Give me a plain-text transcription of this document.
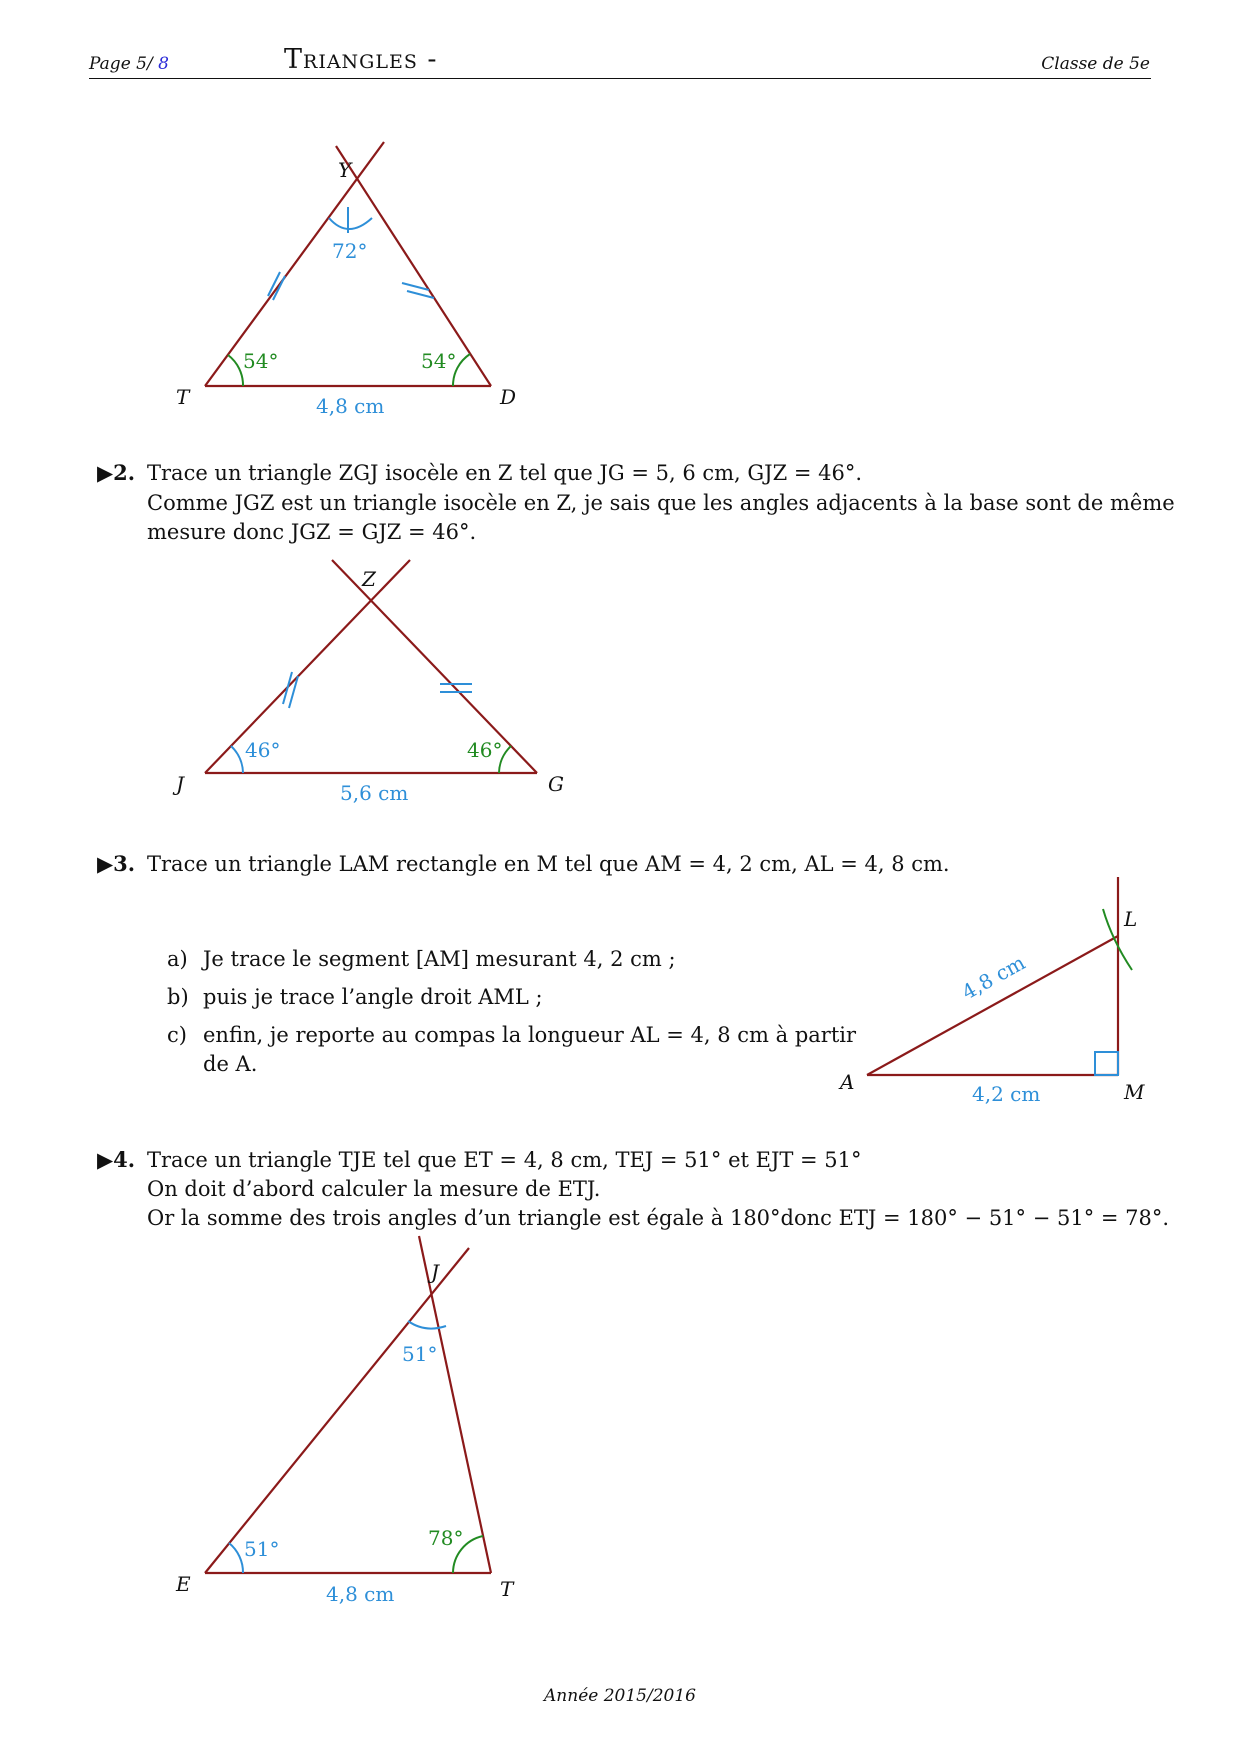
Page 5/ 8	Triangles -	Classe de 5e
▶2. Trace un triangle ZGJ isocèle en Z tel que JG = 5, 6 cm, GJZ = 46°.
Comme JGZ est un triangle isocèle en Z, je sais que les angles adjacents à la base sont de même
mesure donc JGZ = GJZ = 46°.
▶3. Trace un triangle LAM rectangle en M tel que AM = 4, 2 cm, AL = 4, 8 cm.
a) Je trace le segment [AM] mesurant 4, 2 cm ;
b) puis je trace l’angle droit AML ;
c) enfin, je reporte au compas la longueur AL = 4, 8 cm à partir
de A.
▶4. Trace un triangle TJE tel que ET = 4, 8 cm, TEJ = 51° et EJT = 51°
On doit d’abord calculer la mesure de ETJ.
Or la somme des trois angles d’un triangle est égale à 180°donc ETJ = 180° − 51° − 51° = 78°.
Année 2015/2016
Y
T	D
72°
54°	54°
4,8 cm
Z
J	G
46°	46°
5,6 cm
A	M
L
4,2 cm
4,8 cm
J
E	T
51°
51°	78°
4,8 cm
